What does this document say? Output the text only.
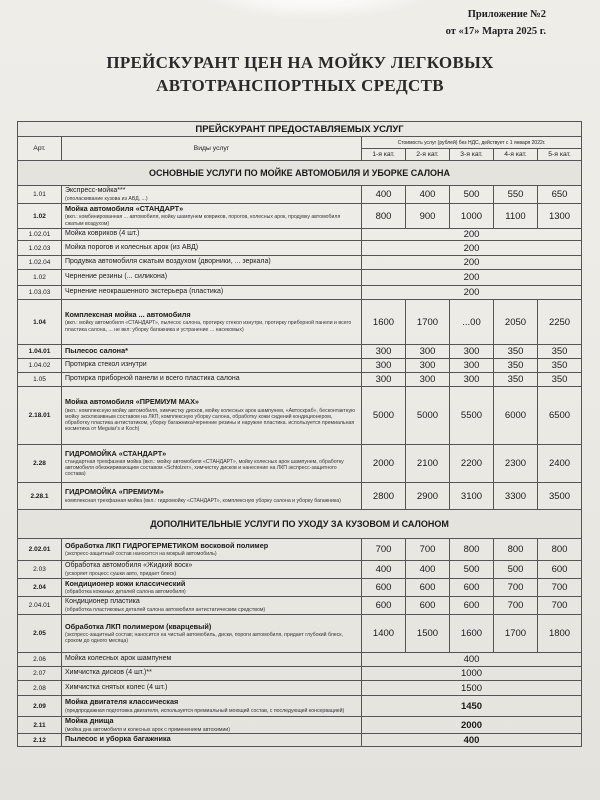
Приложение №2
от «17» Марта 2025 г.
ПРЕЙСКУРАНТ ЦЕН НА МОЙКУ ЛЕГКОВЫХ
АВТОТРАНСПОРТНЫХ СРЕДСТВ
ПРЕЙСКУРАНТ ПРЕДОСТАВЛЯЕМЫХ УСЛУГ						
Арт.	Виды услуг	Стоимость услуг (рублей) без НДС, действует с 1 января 2022г.				
		1-я кат.	2-я кат.	3-я кат.	4-я кат.	5-я кат.
ОСНОВНЫЕ УСЛУГИ ПО МОЙКЕ АВТОМОБИЛЯ И УБОРКЕ САЛОНА						
1.01	Экспресс-мойка***
(ополаскивание кузова из АВД, ...)	400	400	500	550	650
1.02	Мойка автомобиля «СТАНДАРТ»
(вкл.: комбинированная ... автомобиля, мойку шампунем ковриков, порогов, колесных арок, продувку автомобиля сжатым воздухом)	800	900	1000	1100	1300
1.02.01	Мойка ковриков (4 шт.)	200				
1.02.03	Мойка порогов и колесных арок (из АВД)	200				
1.02.04	Продувка автомобиля сжатым воздухом (дворники, ... зеркала)	200				
1.02	Чернение резины (... силикона)	200				
1.03.03	Чернение неокрашенного экстерьера (пластика)	200				
1.04	Комплексная мойка ... автомобиля
(вкл.: мойку автомобиля «СТАНДАРТ», пылесос салона, протирку стекол изнутри, протирку приборной панели и всего пластика салона, ... не вкл: уборку багажника и устранение ... насекомых)	1600	1700	...00	2050	2250
1.04.01	Пылесос салона*	300	300	300	350	350
1.04.02	Протирка стекол изнутри	300	300	300	350	350
1.05	Протирка приборной панели и всего пластика салона	300	300	300	350	350
2.18.01	Мойка автомобиля «ПРЕМИУМ MAX»
(вкл.: комплексную мойку автомобиля, химчистку дисков, мойку колесных арок шампунем, «Автоскраб», бесконтактную мойку эксклюзивным составом на ЛКП, комплексную уборку салона, обработку кожи сидений кондиционером, обработку пластика антистатиком, уборку багажника/чернение резины и наружне пластика. используется премиальная косметика от Meguiar's и Koch)	5000	5000	5500	6000	6500
2.28	ГИДРОМОЙКА «СТАНДАРТ»
стандартная трехфазная мойка (вкл.: мойку автомобиля «СТАНДАРТ», мойку колесных арок шампунем, обработку автомобиля обезжиривающим составом «Schtolzer», химчистку дисков и нанесение на ЛКП экспресс-защитного состава)	2000	2100	2200	2300	2400
2.28.1	ГИДРОМОЙКА «ПРЕМИУМ»
комплексная трехфазная мойка (вкл.: гидромойку «СТАНДАРТ», комплексную уборку салона и уборку багажника)	2800	2900	3100	3300	3500
ДОПОЛНИТЕЛЬНЫЕ УСЛУГИ ПО УХОДУ ЗА КУЗОВОМ И САЛОНОМ						
2.02.01	Обработка ЛКП ГИДРОГЕРМЕТИКОМ восковой полимер
(экспресс-защитный состав наносится на мокрый автомобиль)	700	700	800	800	800
2.03	Обработка автомобиля «Жидкий воск»
(ускоряет процесс сушки авто, придает блеск)	400	400	500	500	600
2.04	Кондиционер кожи классический
(обработка кожаных деталей салона автомобиля)	600	600	600	700	700
2.04.01	Кондиционер пластика
(обработка пластиковых деталей салона автомобиля антистатическим средством)	600	600	600	700	700
2.05	Обработка ЛКП полимером (кварцевый)
(экспресс-защитный состав; наносится на чистый автомобиль, диски, пороги автомобиля, придает глубокий блеск, сроком до одного месяца)	1400	1500	1600	1700	1800
2.06	Мойка колесных арок шампунем	400				
2.07	Химчистка дисков (4 шт.)**	1000				
2.08	Химчистка снятых колес (4 шт.)	1500				
2.09	Мойка двигателя классическая
(предпродажная подготовка двигателя, используется премиальный моющий состав, с последующей консервацией)	1450				
2.11	Мойка днища
(мойка дна автомобиля и колесных арок с применением автохимии)	2000				
2.12	Пылесос и уборка багажника	400				
